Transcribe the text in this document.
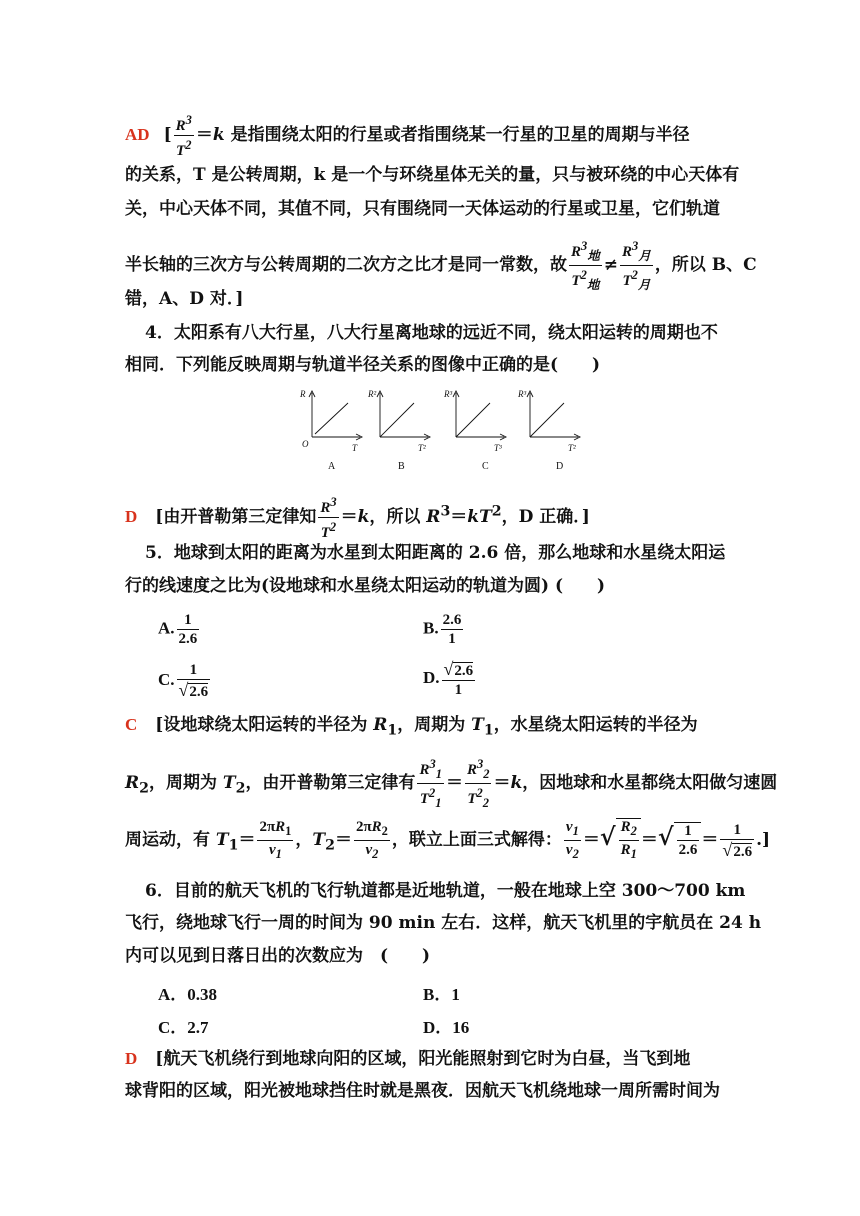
AD [ $\frac{R^3}{T^2} =k$ 是指围绕太阳的行星或者指围绕某一行星的卫星的周期与半径
的关系，T 是公转周期，k 是一个与环绕星体无关的量，只与被环绕的中心天体有
关，中心天体不同，其值不同，只有围绕同一天体运动的行星或卫星，它们轨道
半长轴的三次方与公转周期的二次方之比才是同一常数，故 $\frac{R^3_地}{T^2_地} \ne \frac{R^3_月}{T^2_月}$ ，所以 B、C
错，A、D 对．]
4．太阳系有八大行星，八大行星离地球的远近不同，绕太阳运转的周期也不
相同．下列能反映周期与轨道半径关系的图像中正确的是(　　)
R
O	T
A
R²
T²
B
R³
T³
C
R³
T²
D
D [由开普勒第三定律知 $\frac{R^3}{T^2} =k$，所以 $R^3=kT^2$，D 正确．]
5．地球到太阳的距离为水星到太阳距离的 2.6 倍，那么地球和水星绕太阳运
行的线速度之比为(设地球和水星绕太阳运动的轨道为圆) (　　)
A. $\frac{1}{2.6}$	B. $\frac{2.6}{1}$
C. $\frac{1}{√2.6}$	D. $\frac{√2.6}{1}$
C [设地球绕太阳运转的半径为 $R_1$，周期为 $T_1$，水星绕太阳运转的半径为
$R_2$，周期为 $T_2$，由开普勒第三定律有 $\frac{R^3_1}{T^2_1} = \frac{R^3_2}{T^2_2} =k$，因地球和水星都绕太阳做匀速圆
周运动，有 $T_1= \frac{2\pi R_1}{v_1}$ ，$T_2= \frac{2\pi R_2}{v_2}$ ，联立上面三式解得： $\frac{v_1}{v_2}$ ＝√ $\frac{R_2}{R_1}$ ＝√ $\frac{1}{2.6} = \frac{1}{√2.6}$ .]
6．目前的航天飞机的飞行轨道都是近地轨道，一般在地球上空 300～700 km
飞行，绕地球飞行一周的时间为 90 min 左右．这样，航天飞机里的宇航员在 24 h
内可以见到日落日出的次数应为　(　　)
A．0.38	B．1
C．2.7	D．16
D [航天飞机绕行到地球向阳的区域，阳光能照射到它时为白昼，当飞到地
球背阳的区域，阳光被地球挡住时就是黑夜．因航天飞机绕地球一周所需时间为
